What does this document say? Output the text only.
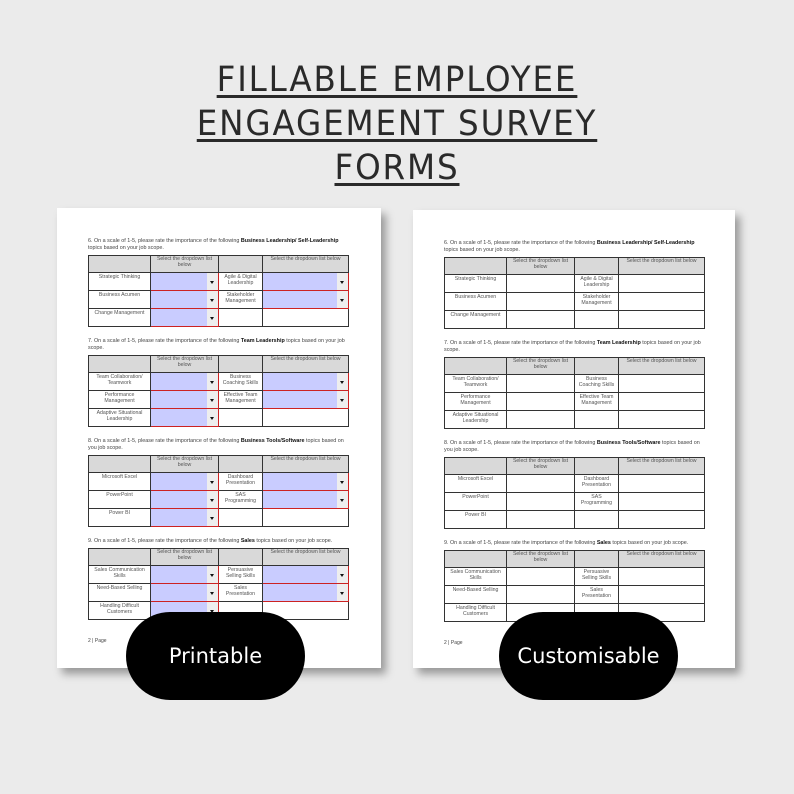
FILLABLE EMPLOYEE
ENGAGEMENT SURVEY
FORMS
6. On a scale of 1-5, please rate the importance of the following Business Leadership/ Self-Leadership topics based on your job scope.
	Select the dropdown list below		Select the dropdown list below
Strategic Thinking		Agile & Digital Leadership	

Business Acumen		Stakeholder Management	

Change Management	

7. On a scale of 1-5, please rate the importance of the following Team Leadership topics based on your job scope.
	Select the dropdown list below		Select the dropdown list below
Team Collaboration/ Teamwork		Business Coaching Skills	

Performance Management		Effective Team Management	

Adaptive Situational Leadership	

8. On a scale of 1-5, please rate the importance of the following Business Tools/Software topics based on you job scope.
	Select the dropdown list below		Select the dropdown list below
Microsoft Excel		Dashboard Presentation	

PowerPoint		SAS Programming	

Power BI	

9. On a scale of 1-5, please rate the importance of the following Sales topics based on your job scope.
	Select the dropdown list below		Select the dropdown list below
Sales Communication Skills		Persuasive Selling Skills	

Need-Based Selling		Sales Presentation	

Handling Difficult Customers	

2 | Page
6. On a scale of 1-5, please rate the importance of the following Business Leadership/ Self-Leadership topics based on your job scope.
	Select the dropdown list below		Select the dropdown list below
Strategic Thinking		Agile & Digital Leadership	
Business Acumen		Stakeholder Management	
Change Management			
7. On a scale of 1-5, please rate the importance of the following Team Leadership topics based on your job scope.
	Select the dropdown list below		Select the dropdown list below
Team Collaboration/ Teamwork		Business Coaching Skills	
Performance Management		Effective Team Management	
Adaptive Situational Leadership			
8. On a scale of 1-5, please rate the importance of the following Business Tools/Software topics based on you job scope.
	Select the dropdown list below		Select the dropdown list below
Microsoft Excel		Dashboard Presentation	
PowerPoint		SAS Programming	
Power BI			
9. On a scale of 1-5, please rate the importance of the following Sales topics based on your job scope.
	Select the dropdown list below		Select the dropdown list below
Sales Communication Skills		Persuasive Selling Skills	
Need-Based Selling		Sales Presentation	
Handling Difficult Customers			
2 | Page
Printable	Customisable
